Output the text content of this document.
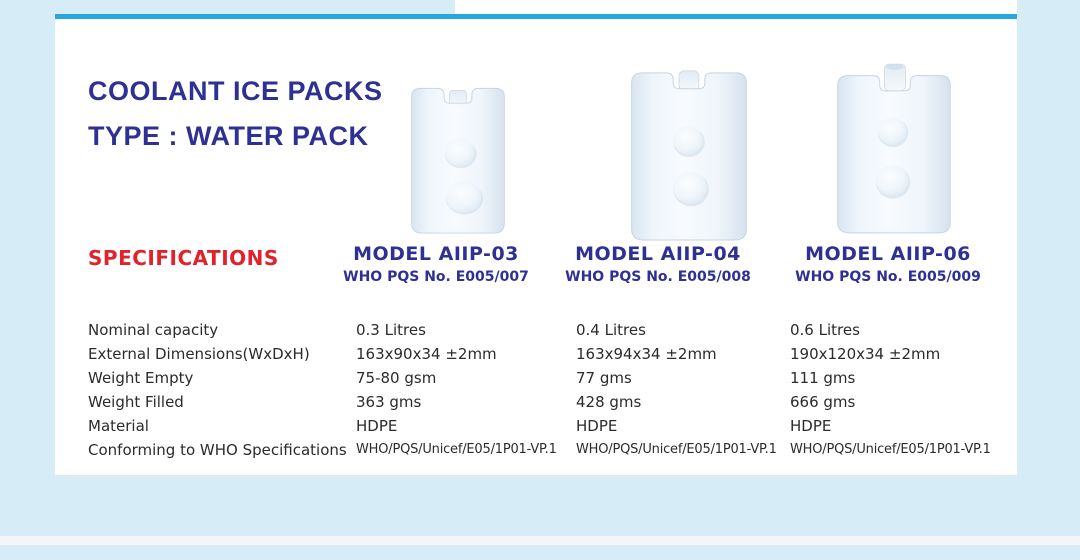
COOLANT ICE PACKS
TYPE : WATER PACK
SPECIFICATIONS	MODEL AIIP-03
WHO PQS No. E005/007
MODEL AIIP-04
WHO PQS No. E005/008
MODEL AIIP-06
WHO PQS No. E005/009
Nominal capacity
External Dimensions(WxDxH)
Weight Empty
Weight Filled
Material
Conforming to WHO Specifications
0.3 Litres
163x90x34 ±2mm
75-80 gsm
363 gms
HDPE
WHO/PQS/Unicef/E05/1P01-VP.1
0.4 Litres
163x94x34 ±2mm
77 gms
428 gms
HDPE
WHO/PQS/Unicef/E05/1P01-VP.1
0.6 Litres
190x120x34 ±2mm
111 gms
666 gms
HDPE
WHO/PQS/Unicef/E05/1P01-VP.1
